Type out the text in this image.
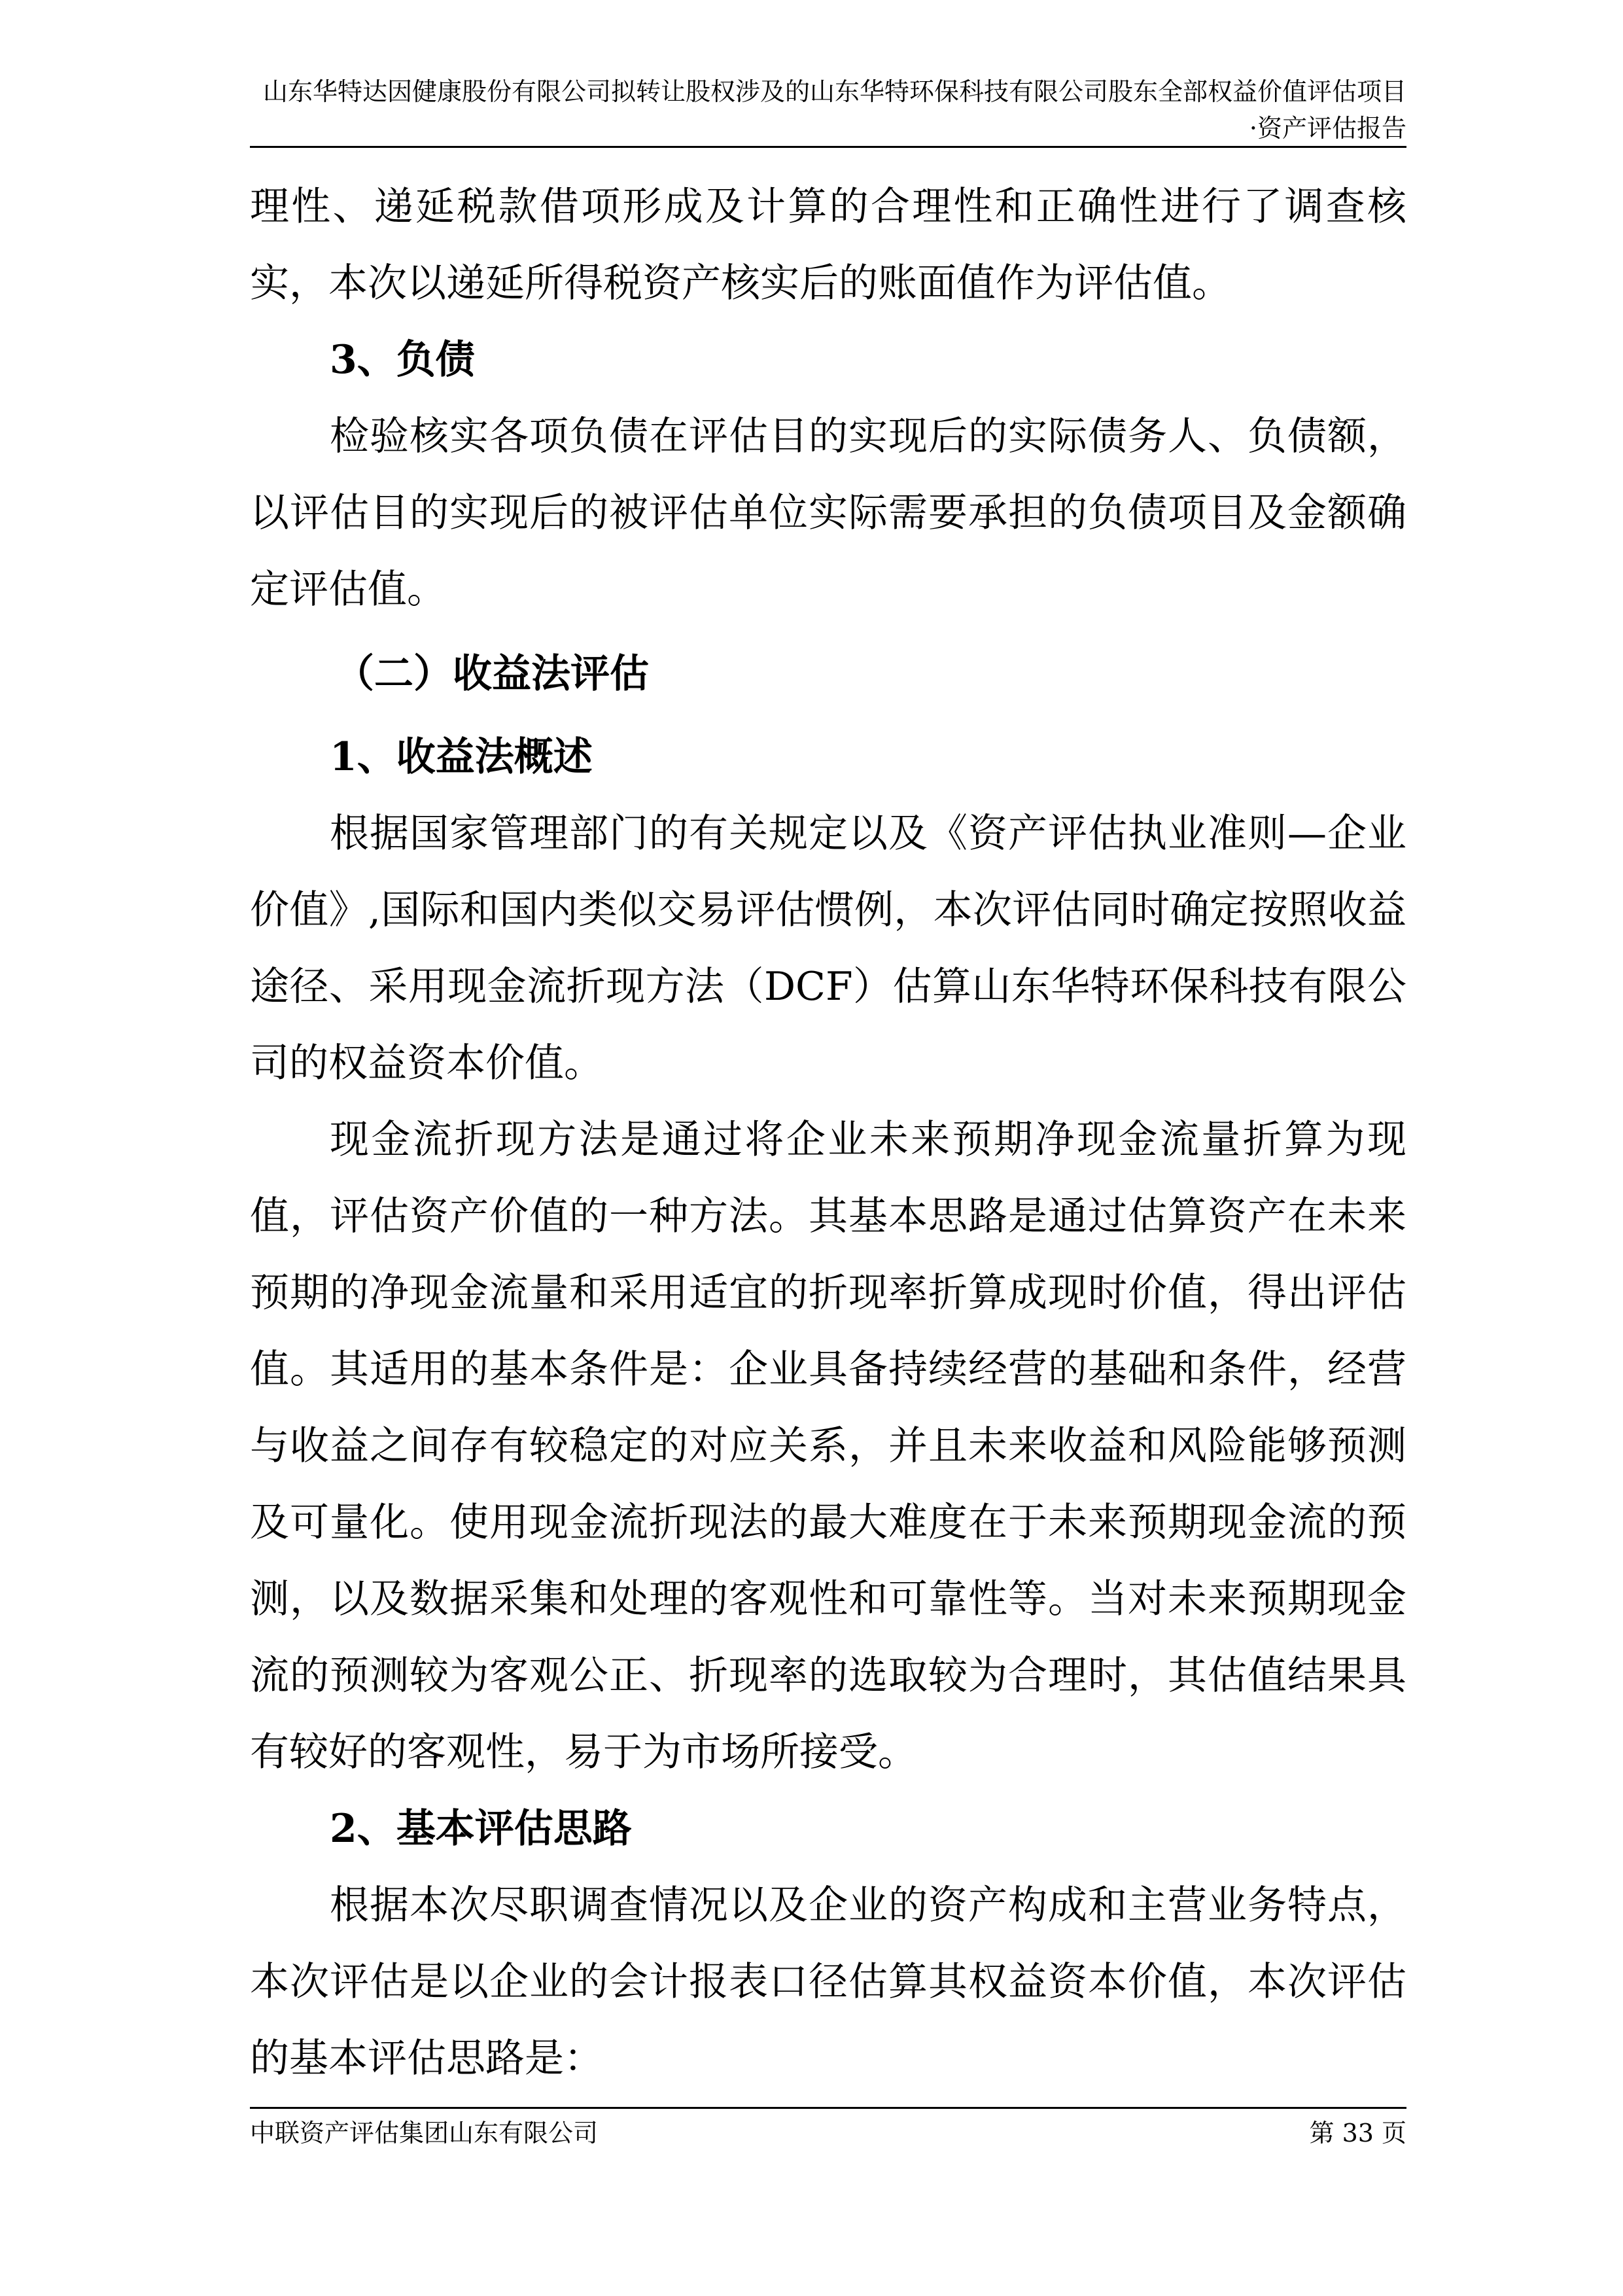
山东华特达因健康股份有限公司拟转让股权涉及的山东华特环保科技有限公司股东全部权益价值评估项目
·资产评估报告

理性、递延税款借项形成及计算的合理性和正确性进行了调查核实，本次以递延所得税资产核实后的账面值作为评估值。

3、负债

检验核实各项负债在评估目的实现后的实际债务人、负债额，以评估目的实现后的被评估单位实际需要承担的负债项目及金额确定评估值。

（二）收益法评估

1、收益法概述

根据国家管理部门的有关规定以及《资产评估执业准则—企业价值》,国际和国内类似交易评估惯例，本次评估同时确定按照收益途径、采用现金流折现方法（DCF）估算山东华特环保科技有限公司的权益资本价值。

现金流折现方法是通过将企业未来预期净现金流量折算为现值，评估资产价值的一种方法。其基本思路是通过估算资产在未来预期的净现金流量和采用适宜的折现率折算成现时价值，得出评估值。其适用的基本条件是：企业具备持续经营的基础和条件，经营与收益之间存有较稳定的对应关系，并且未来收益和风险能够预测及可量化。使用现金流折现法的最大难度在于未来预期现金流的预测，以及数据采集和处理的客观性和可靠性等。当对未来预期现金流的预测较为客观公正、折现率的选取较为合理时，其估值结果具有较好的客观性，易于为市场所接受。

2、基本评估思路

根据本次尽职调查情况以及企业的资产构成和主营业务特点，本次评估是以企业的会计报表口径估算其权益资本价值，本次评估的基本评估思路是：

中联资产评估集团山东有限公司	第 33 页
